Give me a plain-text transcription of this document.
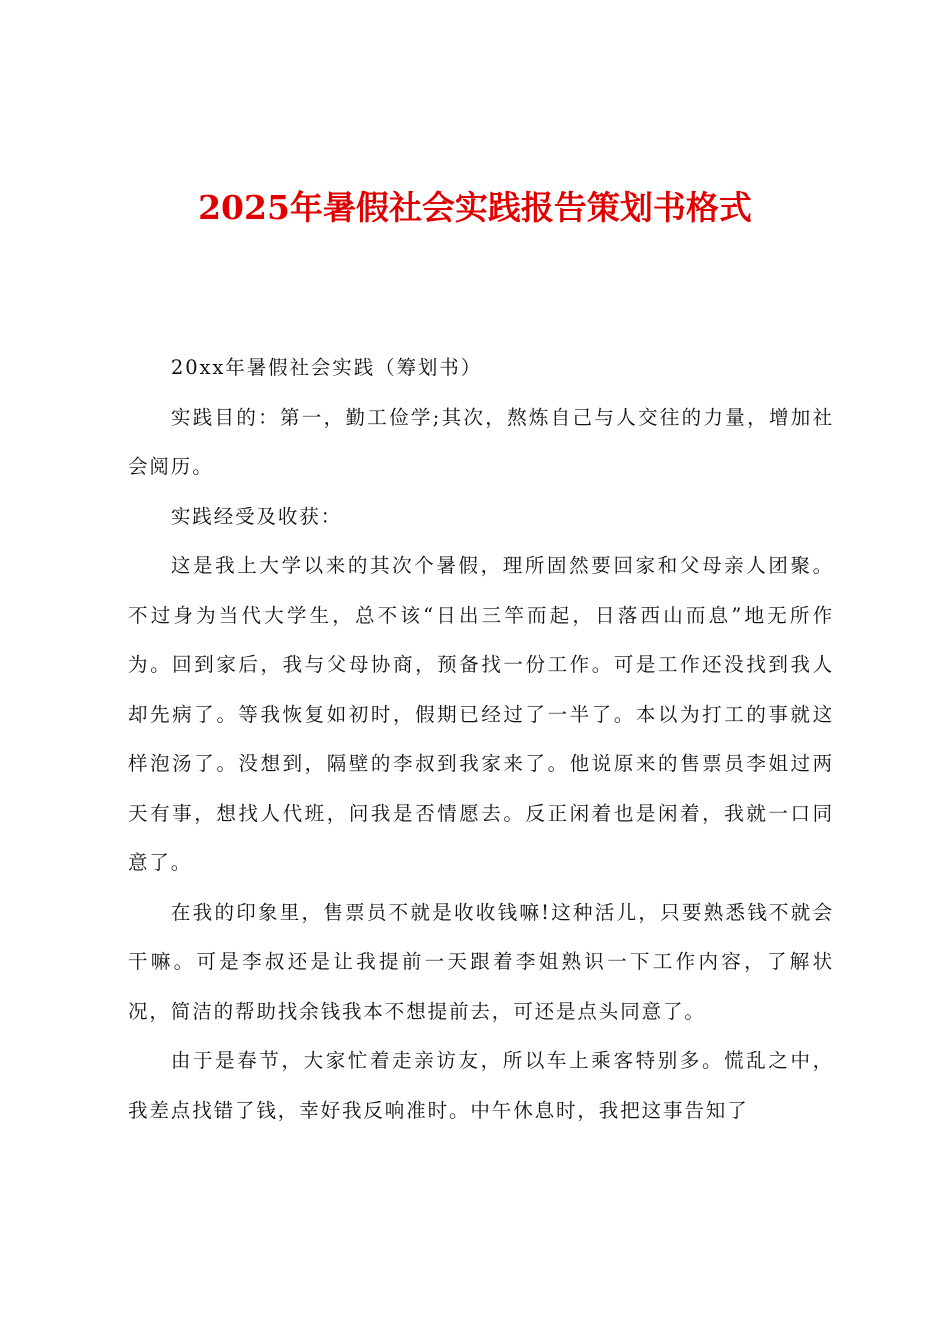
2025年暑假社会实践报告策划书格式

20xx年暑假社会实践（筹划书）

实践目的：第一，勤工俭学;其次，熬炼自己与人交往的力量，增加社会阅历。

实践经受及收获：

这是我上大学以来的其次个暑假，理所固然要回家和父母亲人团聚。不过身为当代大学生，总不该“日出三竿而起，日落西山而息”地无所作为。回到家后，我与父母协商，预备找一份工作。可是工作还没找到我人却先病了。等我恢复如初时，假期已经过了一半了。本以为打工的事就这样泡汤了。没想到，隔壁的李叔到我家来了。他说原来的售票员李姐过两天有事，想找人代班，问我是否情愿去。反正闲着也是闲着，我就一口同意了。

在我的印象里，售票员不就是收收钱嘛!这种活儿，只要熟悉钱不就会干嘛。可是李叔还是让我提前一天跟着李姐熟识一下工作内容，了解状况，简洁的帮助找余钱我本不想提前去，可还是点头同意了。

由于是春节，大家忙着走亲访友，所以车上乘客特别多。慌乱之中，我差点找错了钱，幸好我反响准时。中午休息时，我把这事告知了
